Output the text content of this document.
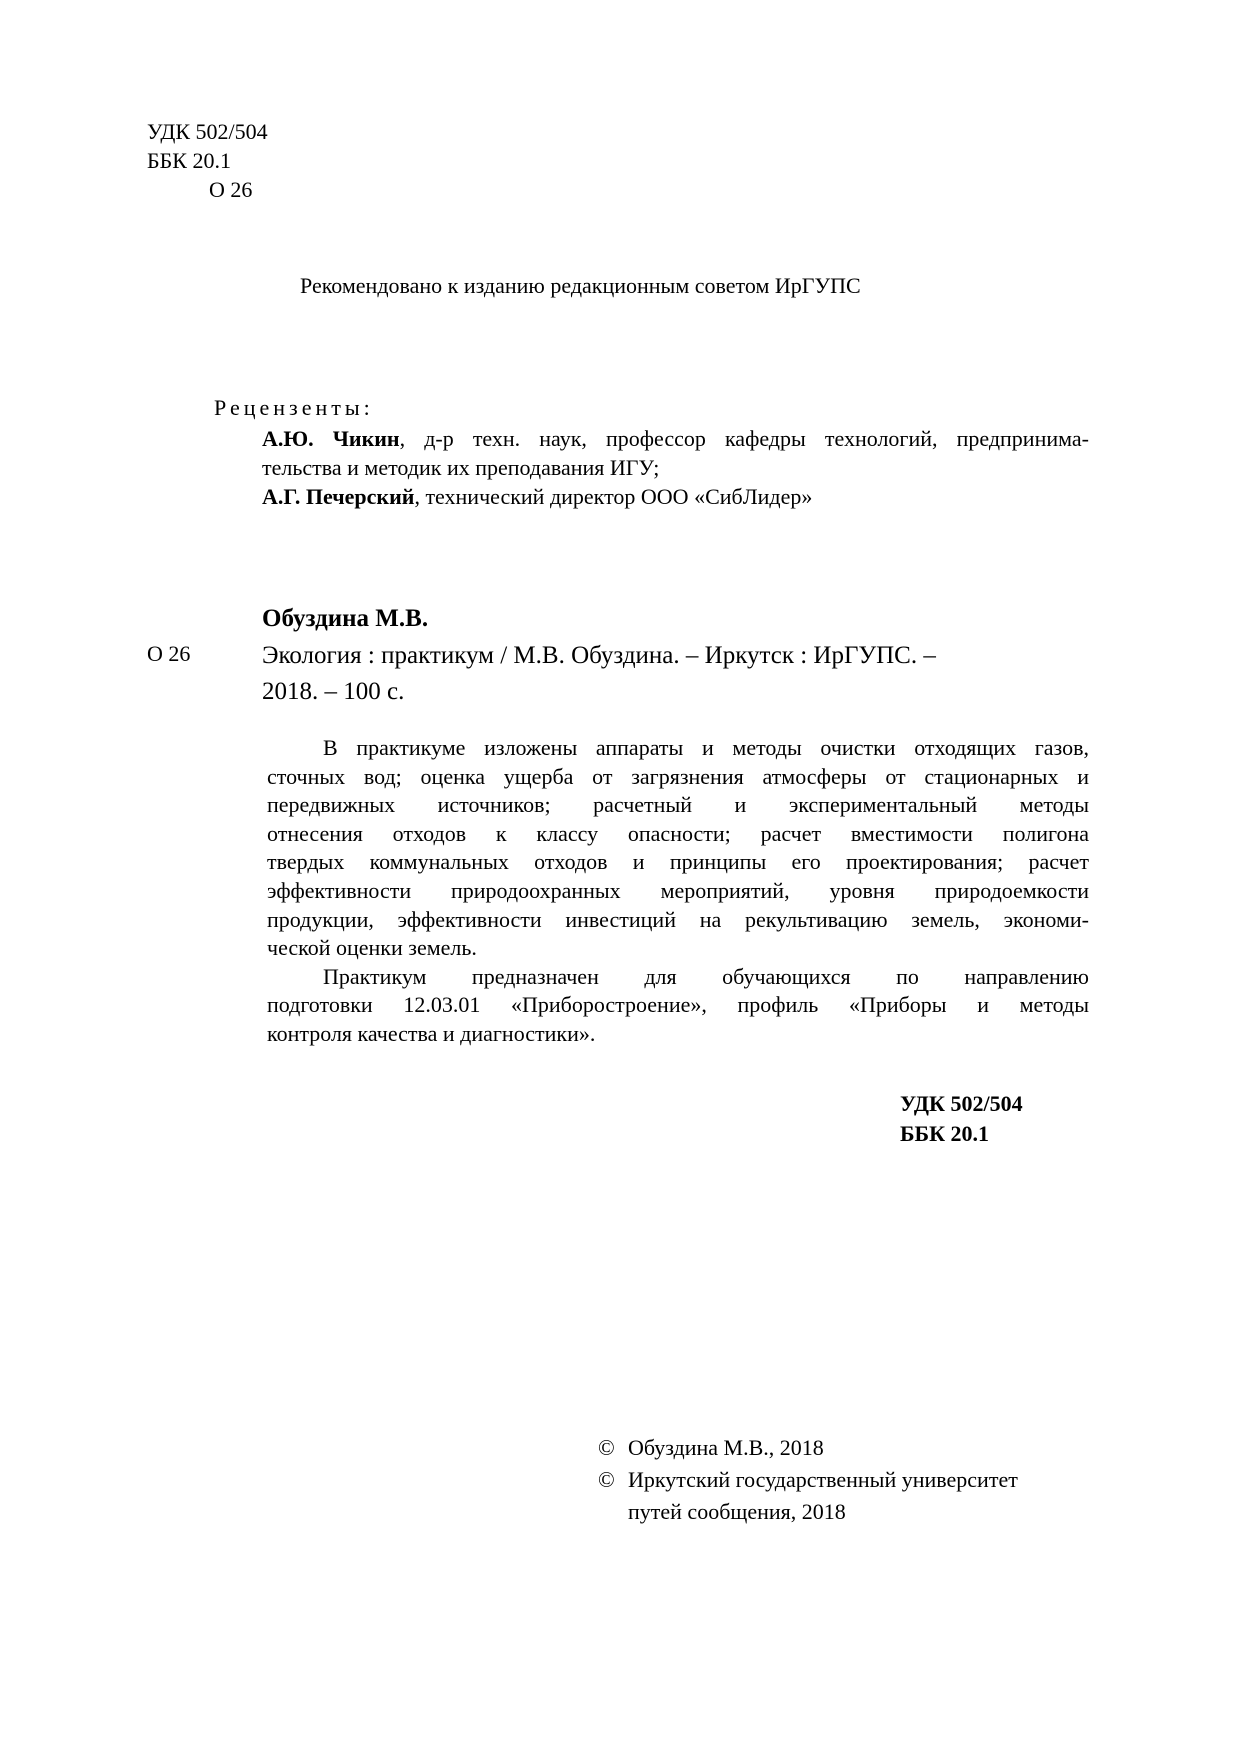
УДК 502/504
ББК 20.1
О 26
Рекомендовано к изданию редакционным советом ИрГУПС
Рецензенты:
А.Ю. Чикин, д-р техн. наук, профессор кафедры технологий, предпринима-
тельства и методик их преподавания ИГУ;
А.Г. Печерский, технический директор ООО «СибЛидер»
Обуздина М.В.
О 26	Экология : практикум / М.В. Обуздина. – Иркутск : ИрГУПС. –
2018. – 100 с.
В практикуме изложены аппараты и методы очистки отходящих газов,
сточных вод; оценка ущерба от загрязнения атмосферы от стационарных и
передвижных источников; расчетный и экспериментальный методы
отнесения отходов к классу опасности; расчет вместимости полигона
твердых коммунальных отходов и принципы его проектирования; расчет
эффективности природоохранных мероприятий, уровня природоемкости
продукции, эффективности инвестиций на рекультивацию земель, экономи-
ческой оценки земель.
Практикум предназначен для обучающихся по направлению
подготовки 12.03.01 «Приборостроение», профиль «Приборы и методы
контроля качества и диагностики».
УДК 502/504
ББК 20.1
© Обуздина М.В., 2018
© Иркутский государственный университет
путей сообщения, 2018
